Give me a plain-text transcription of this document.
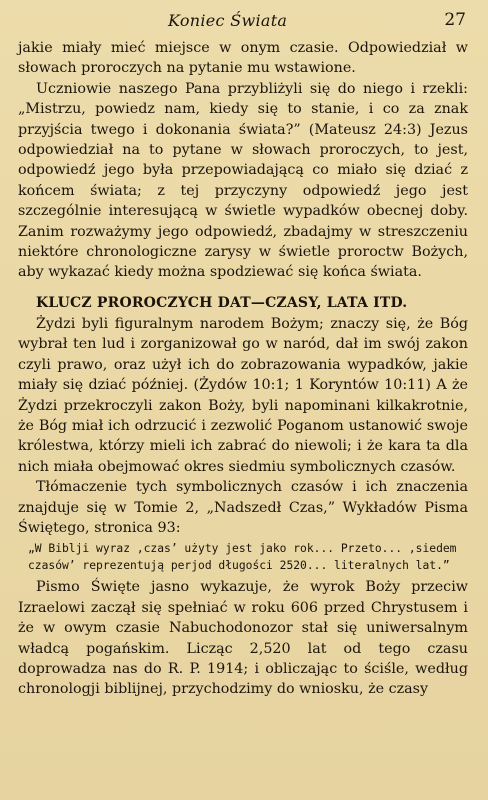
Koniec Świata	27

jakie miały mieć miejsce w onym czasie. Odpowiedział w słowach proroczych na pytanie mu wstawione.

Uczniowie naszego Pana przybliżyli się do niego i rzekli: „Mistrzu, powiedz nam, kiedy się to stanie, i co za znak przyjścia twego i dokonania świata?” (Mateusz 24:3) Jezus odpowiedział na to pytane w słowach proroczych, to jest, odpowiedź jego była przepowiadającą co miało się dziać z końcem świata; z tej przyczyny odpowiedź jego jest szczególnie interesującą w świetle wypadków obecnej doby. Zanim rozważymy jego odpowiedź, zbadajmy w streszczeniu niektóre chronologiczne zarysy w świetle proroctw Bożych, aby wykazać kiedy można spodziewać się końca świata.

KLUCZ PROROCZYCH DAT—CZASY, LATA ITD.

Żydzi byli figuralnym narodem Bożym; znaczy się, że Bóg wybrał ten lud i zorganizował go w naród, dał im swój zakon czyli prawo, oraz użył ich do zobrazowania wypadków, jakie miały się dziać później. (Żydów 10:1; 1 Koryntów 10:11) A że Żydzi przekroczyli zakon Boży, byli napominani kilkakrotnie, że Bóg miał ich odrzucić i zezwolić Poganom ustanowić swoje królestwa, którzy mieli ich zabrać do niewoli; i że kara ta dla nich miała obejmować okres siedmiu symbolicznych czasów.

Tłómaczenie tych symbolicznych czasów i ich znaczenia znajduje się w Tomie 2, „Nadszedł Czas,” Wykładów Pisma Świętego, stronica 93:

„W Biblji wyraz ‚czas’ użyty jest jako rok... Przeto... ‚siedem czasów’ reprezentują perjod długości 2520... literalnych lat.”

Pismo Święte jasno wykazuje, że wyrok Boży przeciw Izraelowi zaczął się spełniać w roku 606 przed Chrystusem i że w owym czasie Nabuchodonozor stał się uniwersalnym władcą pogańskim. Licząc 2,520 lat od tego czasu doprowadza nas do R. P. 1914; i obliczając to ściśle, według chronologji biblijnej, przychodzimy do wniosku, że czasy
